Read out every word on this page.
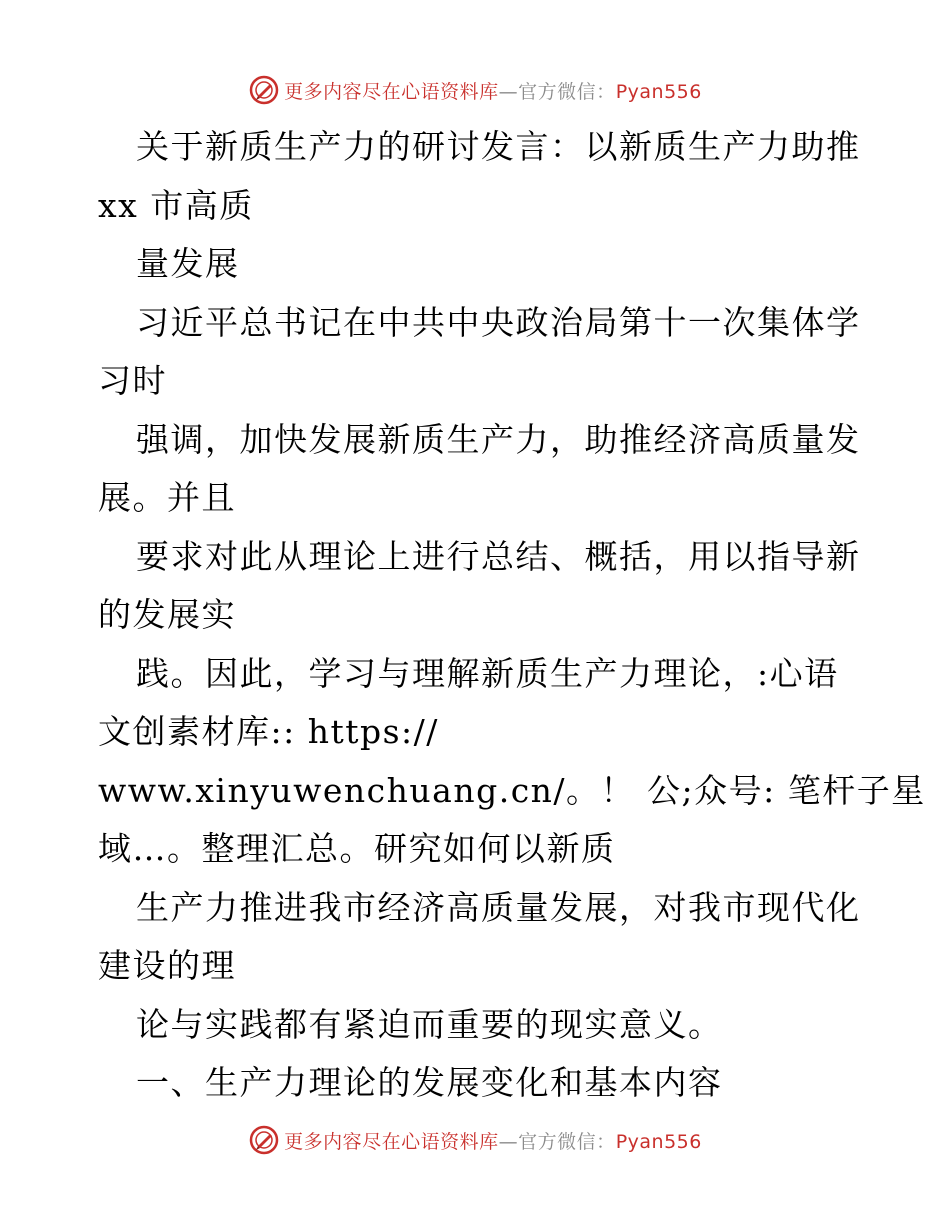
更多内容尽在心语资料库—官方微信：Pyan556
关于新质生产力的研讨发言：以新质生产力助推
xx 市高质
量发展
习近平总书记在中共中央政治局第十一次集体学
习时
强调，加快发展新质生产力，助推经济高质量发
展。并且
要求对此从理论上进行总结、概括，用以指导新
的发展实
践。因此，学习与理解新质生产力理论，:心语
文创素材库:: https://
www.xinyuwenchuang.cn/。！ 公;众号: 笔杆子星
域…。整理汇总。研究如何以新质
生产力推进我市经济高质量发展，对我市现代化
建设的理
论与实践都有紧迫而重要的现实意义。
一、生产力理论的发展变化和基本内容
更多内容尽在心语资料库—官方微信：Pyan556
